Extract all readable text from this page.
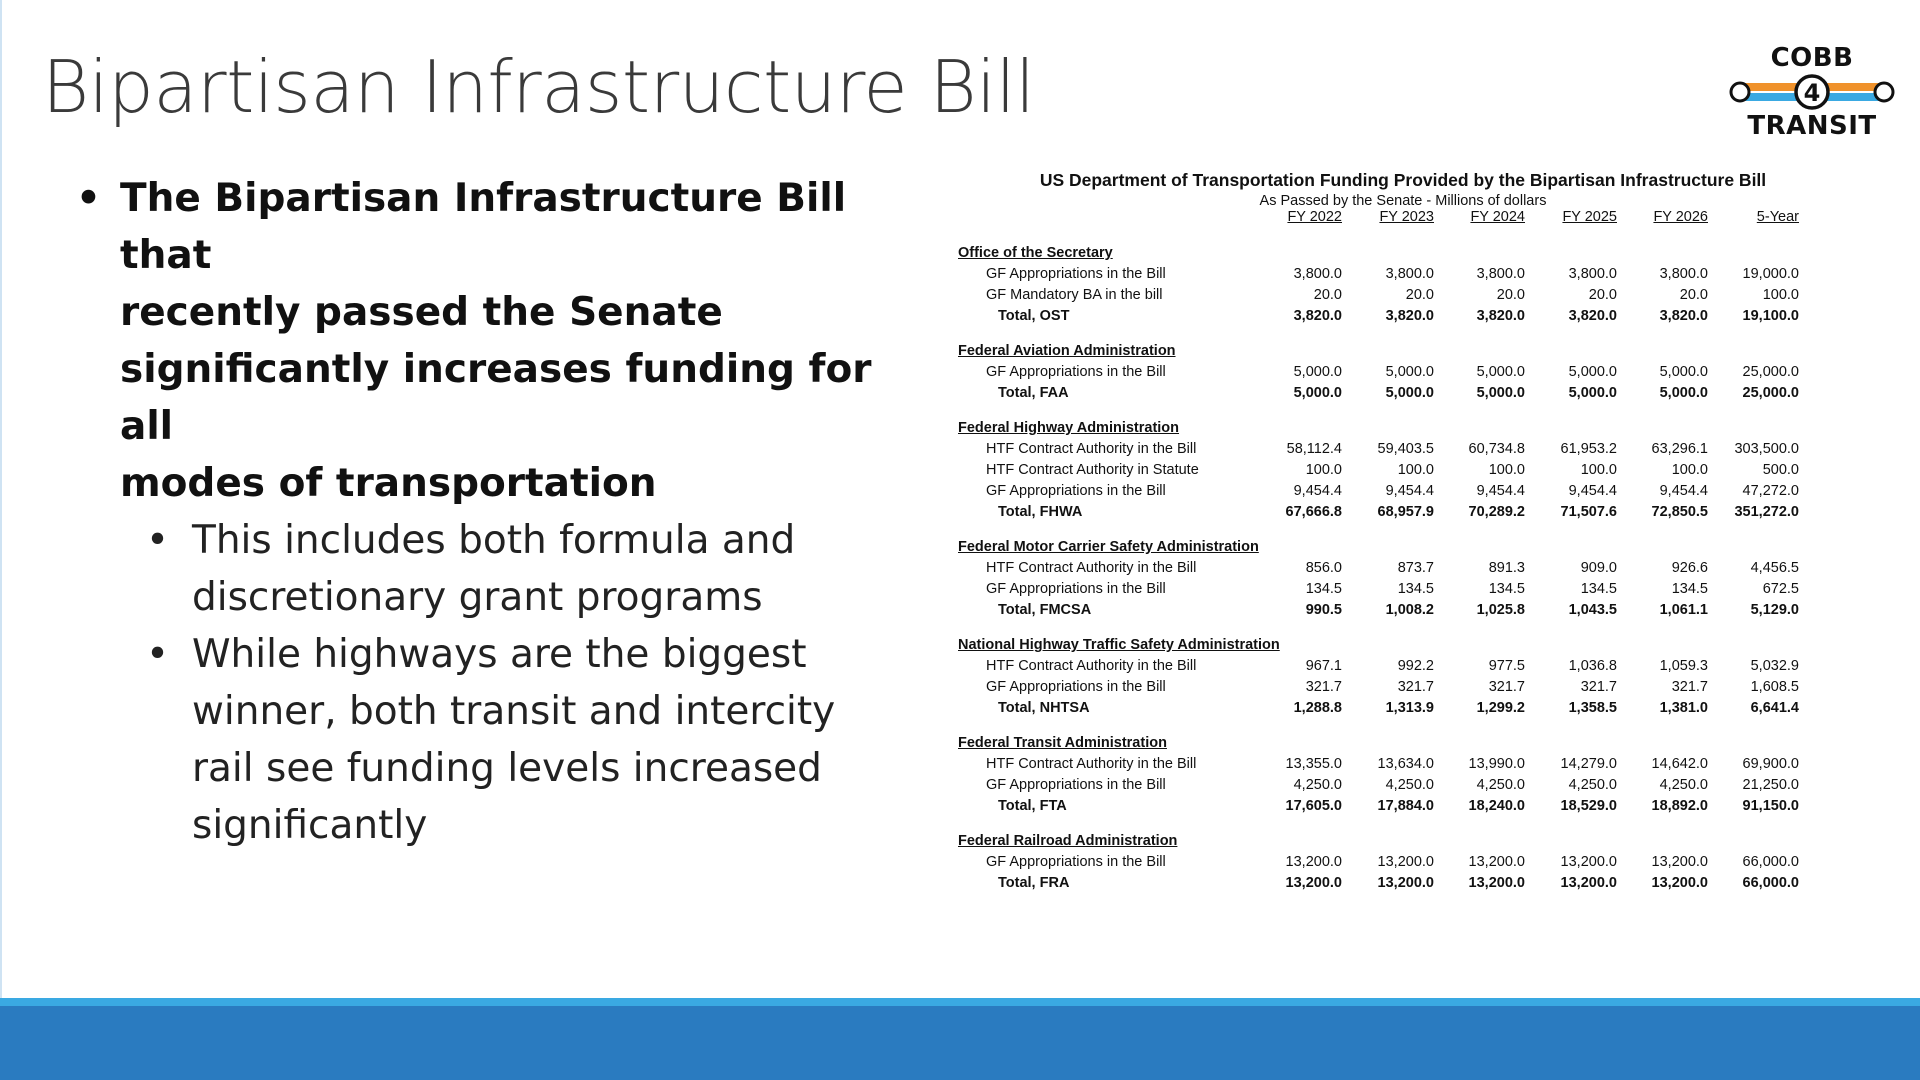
Bipartisan Infrastructure Bill	COBB
4
TRANSIT
• The Bipartisan Infrastructure Bill that
recently passed the Senate
significantly increases funding for all
modes of transportation
• This includes both formula and
discretionary grant programs
• While highways are the biggest
winner, both transit and intercity
rail see funding levels increased
significantly
US Department of Transportation Funding Provided by the Bipartisan Infrastructure Bill
As Passed by the Senate - Millions of dollars
FY 2022	FY 2023	FY 2024	FY 2025	FY 2026	5-Year
Office of the Secretary
GF Appropriations in the Bill	3,800.0	3,800.0	3,800.0	3,800.0	3,800.0	19,000.0
GF Mandatory BA in the bill	20.0	20.0	20.0	20.0	20.0	100.0
Total, OST	3,820.0	3,820.0	3,820.0	3,820.0	3,820.0	19,100.0
Federal Aviation Administration
GF Appropriations in the Bill	5,000.0	5,000.0	5,000.0	5,000.0	5,000.0	25,000.0
Total, FAA	5,000.0	5,000.0	5,000.0	5,000.0	5,000.0	25,000.0
Federal Highway Administration
HTF Contract Authority in the Bill	58,112.4	59,403.5	60,734.8	61,953.2	63,296.1	303,500.0
HTF Contract Authority in Statute	100.0	100.0	100.0	100.0	100.0	500.0
GF Appropriations in the Bill	9,454.4	9,454.4	9,454.4	9,454.4	9,454.4	47,272.0
Total, FHWA	67,666.8	68,957.9	70,289.2	71,507.6	72,850.5	351,272.0
Federal Motor Carrier Safety Administration
HTF Contract Authority in the Bill	856.0	873.7	891.3	909.0	926.6	4,456.5
GF Appropriations in the Bill	134.5	134.5	134.5	134.5	134.5	672.5
Total, FMCSA	990.5	1,008.2	1,025.8	1,043.5	1,061.1	5,129.0
National Highway Traffic Safety Administration
HTF Contract Authority in the Bill	967.1	992.2	977.5	1,036.8	1,059.3	5,032.9
GF Appropriations in the Bill	321.7	321.7	321.7	321.7	321.7	1,608.5
Total, NHTSA	1,288.8	1,313.9	1,299.2	1,358.5	1,381.0	6,641.4
Federal Transit Administration
HTF Contract Authority in the Bill	13,355.0	13,634.0	13,990.0	14,279.0	14,642.0	69,900.0
GF Appropriations in the Bill	4,250.0	4,250.0	4,250.0	4,250.0	4,250.0	21,250.0
Total, FTA	17,605.0	17,884.0	18,240.0	18,529.0	18,892.0	91,150.0
Federal Railroad Administration
GF Appropriations in the Bill	13,200.0	13,200.0	13,200.0	13,200.0	13,200.0	66,000.0
Total, FRA	13,200.0	13,200.0	13,200.0	13,200.0	13,200.0	66,000.0
